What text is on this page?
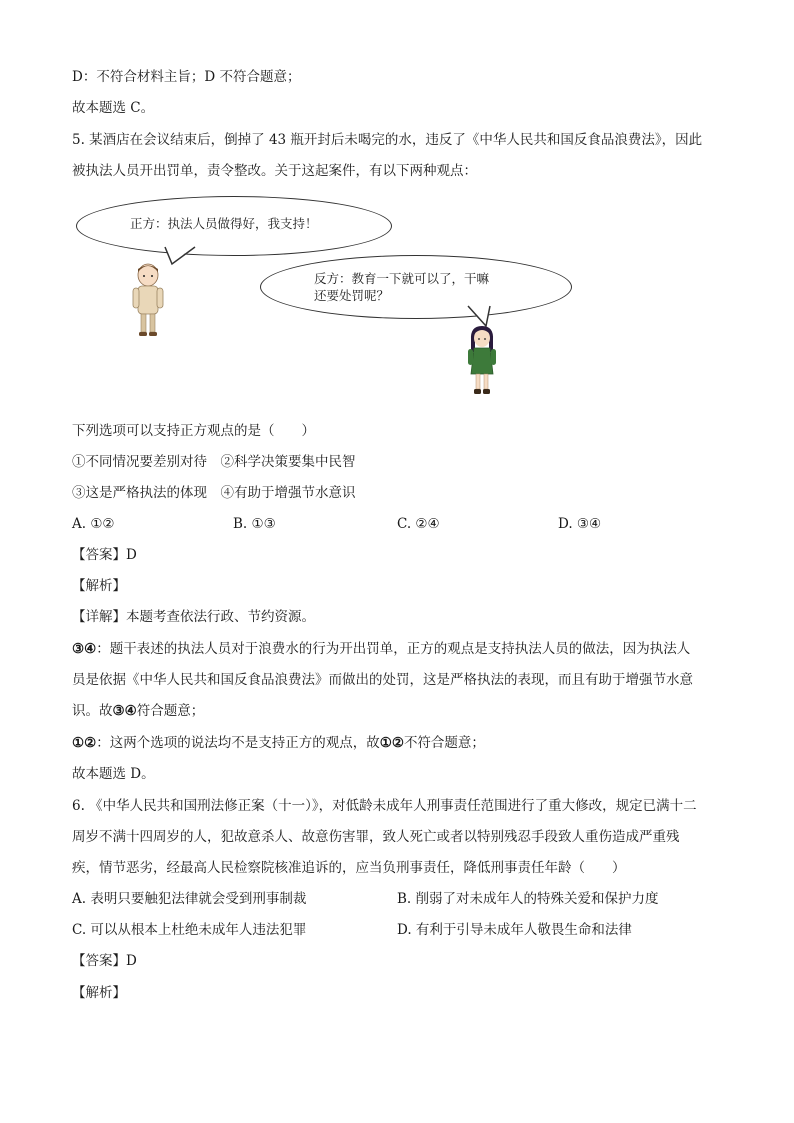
D：不符合材料主旨；D 不符合题意；
故本题选 C。
5. 某酒店在会议结束后，倒掉了 43 瓶开封后未喝完的水，违反了《中华人民共和国反食品浪费法》，因此
被执法人员开出罚单，责令整改。关于这起案件，有以下两种观点：
正方：执法人员做得好，我支持！
反方：教育一下就可以了，干嘛
还要处罚呢？
下列选项可以支持正方观点的是（　　）
①不同情况要差别对待　②科学决策要集中民智
③这是严格执法的体现　④有助于增强节水意识
A. ①②	B. ①③	C. ②④	D. ③④
【答案】D
【解析】
【详解】本题考查依法行政、节约资源。
③④：题干表述的执法人员对于浪费水的行为开出罚单，正方的观点是支持执法人员的做法，因为执法人
员是依据《中华人民共和国反食品浪费法》而做出的处罚，这是严格执法的表现，而且有助于增强节水意
识。故③④符合题意；
①②：这两个选项的说法均不是支持正方的观点，故①②不符合题意；
故本题选 D。
6. 《中华人民共和国刑法修正案（十一）》，对低龄未成年人刑事责任范围进行了重大修改，规定已满十二
周岁不满十四周岁的人，犯故意杀人、故意伤害罪，致人死亡或者以特别残忍手段致人重伤造成严重残
疾，情节恶劣，经最高人民检察院核准追诉的，应当负刑事责任，降低刑事责任年龄（　　）
A. 表明只要触犯法律就会受到刑事制裁	B. 削弱了对未成年人的特殊关爱和保护力度
C. 可以从根本上杜绝未成年人违法犯罪	D. 有利于引导未成年人敬畏生命和法律
【答案】D
【解析】
